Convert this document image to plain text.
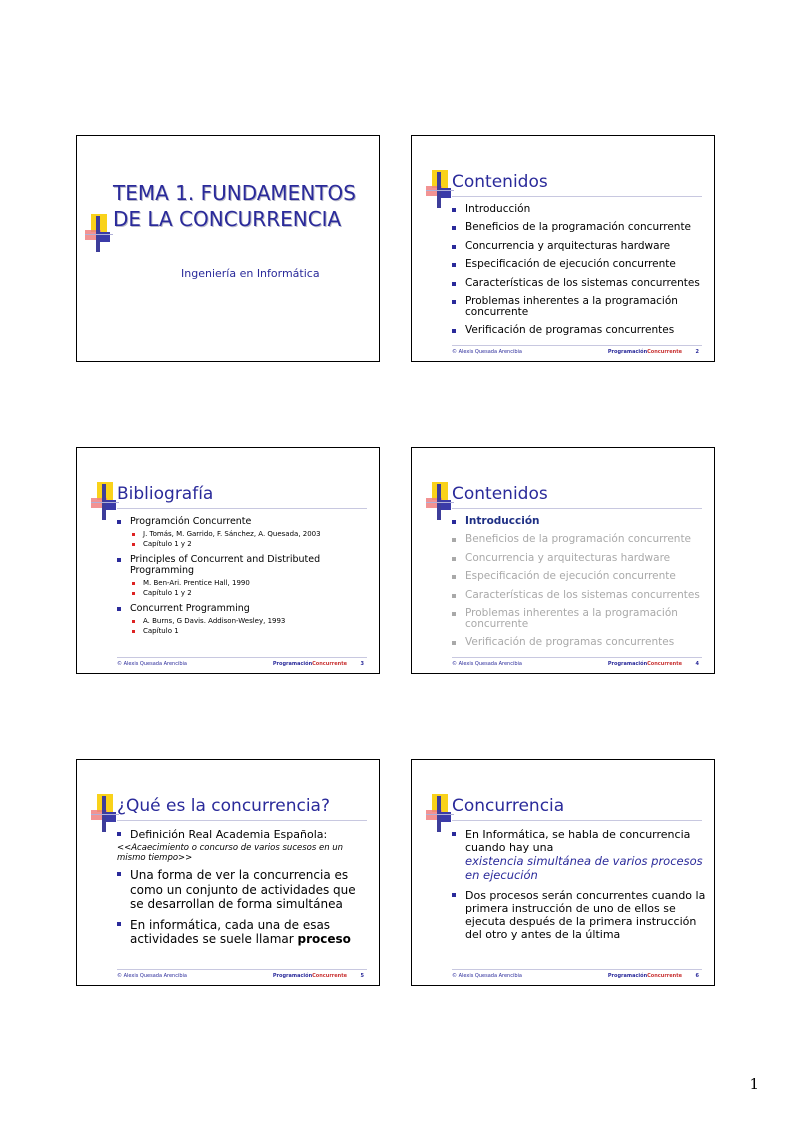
TEMA 1. FUNDAMENTOS
DE LA CONCURRENCIA
Ingeniería en Informática
Contenidos
Introducción
Beneficios de la programación concurrente
Concurrencia y arquitecturas hardware
Especificación de ejecución concurrente
Características de los sistemas concurrentes
Problemas inherentes a la programación concurrente
Verificación de programas concurrentes
© Alexis Quesada Arencibia	ProgramaciónConcurrente	2
Bibliografía
Programción Concurrente
J. Tomás, M. Garrido, F. Sánchez, A. Quesada, 2003
Capítulo 1 y 2
Principles of Concurrent and Distributed Programming
M. Ben-Ari. Prentice Hall, 1990
Capítulo 1 y 2
Concurrent Programming
A. Burns, G Davis. Addison-Wesley, 1993
Capítulo 1
© Alexis Quesada Arencibia	ProgramaciónConcurrente	3
Contenidos
Introducción
Beneficios de la programación concurrente
Concurrencia y arquitecturas hardware
Especificación de ejecución concurrente
Características de los sistemas concurrentes
Problemas inherentes a la programación concurrente
Verificación de programas concurrentes
© Alexis Quesada Arencibia	ProgramaciónConcurrente	4
¿Qué es la concurrencia?
Definición Real Academia Española:
<<Acaecimiento o concurso de varios sucesos en un mismo tiempo>>
Una forma de ver la concurrencia es como un conjunto de actividades que se desarrollan de forma simultánea
En informática, cada una de esas actividades se suele llamar proceso
© Alexis Quesada Arencibia	ProgramaciónConcurrente	5
Concurrencia
En Informática, se habla de concurrencia cuando hay una
existencia simultánea de varios procesos en ejecución
Dos procesos serán concurrentes cuando la primera instrucción de uno de ellos se ejecuta después de la primera instrucción del otro y antes de la última
© Alexis Quesada Arencibia	ProgramaciónConcurrente	6
1
